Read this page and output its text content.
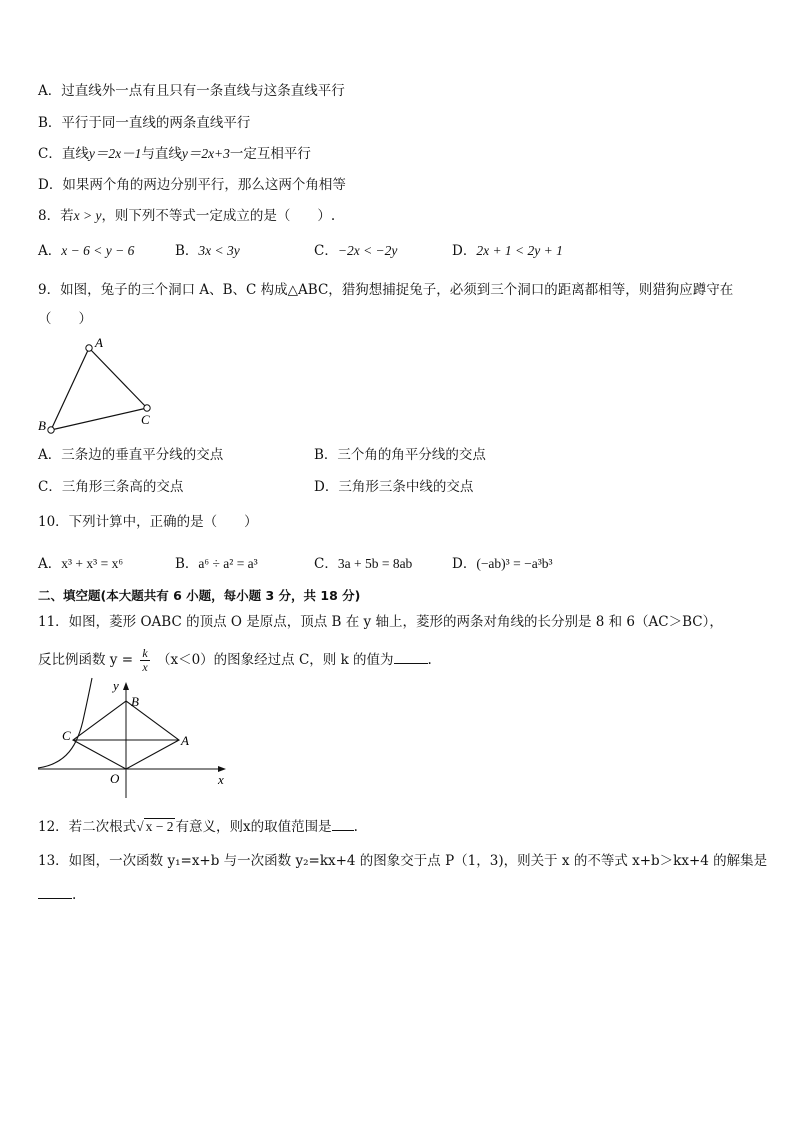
A．过直线外一点有且只有一条直线与这条直线平行
B．平行于同一直线的两条直线平行
C．直线y＝2x－1与直线y＝2x+3一定互相平行
D．如果两个角的两边分别平行，那么这两个角相等
8．若x > y，则下列不等式一定成立的是（　　）.
A．x − 6 < y − 6	B．3x < 3y	C．−2x < −2y	D．2x + 1 < 2y + 1
9．如图，兔子的三个洞口 A、B、C 构成△ABC，猎狗想捕捉兔子，必须到三个洞口的距离都相等，则猎狗应蹲守在
（　　）
A
C
B
A．三条边的垂直平分线的交点	B．三个角的角平分线的交点
C．三角形三条高的交点	D．三角形三条中线的交点
10．下列计算中，正确的是（　　）
A．x³ + x³ = x⁶	B．a⁶ ÷ a² = a³	C．3a + 5b = 8ab	D．(−ab)³ = −a³b³
二、填空题(本大题共有 6 小题，每小题 3 分，共 18 分)
11．如图，菱形 OABC 的顶点 O 是原点，顶点 B 在 y 轴上，菱形的两条对角线的长分别是 8 和 6（AC＞BC），
反比例函数 $y = \frac{k}{x} (x<0)$的图象经过点 C，则 k 的值为	.
y
x
B
C	A
O
12．若二次根式√ x − 2 有意义，则x的取值范围是 .
13．如图，一次函数 y₁=x+b 与一次函数 y₂=kx+4 的图象交于点 P（1，3)，则关于 x 的不等式 x+b＞kx+4 的解集是
.
